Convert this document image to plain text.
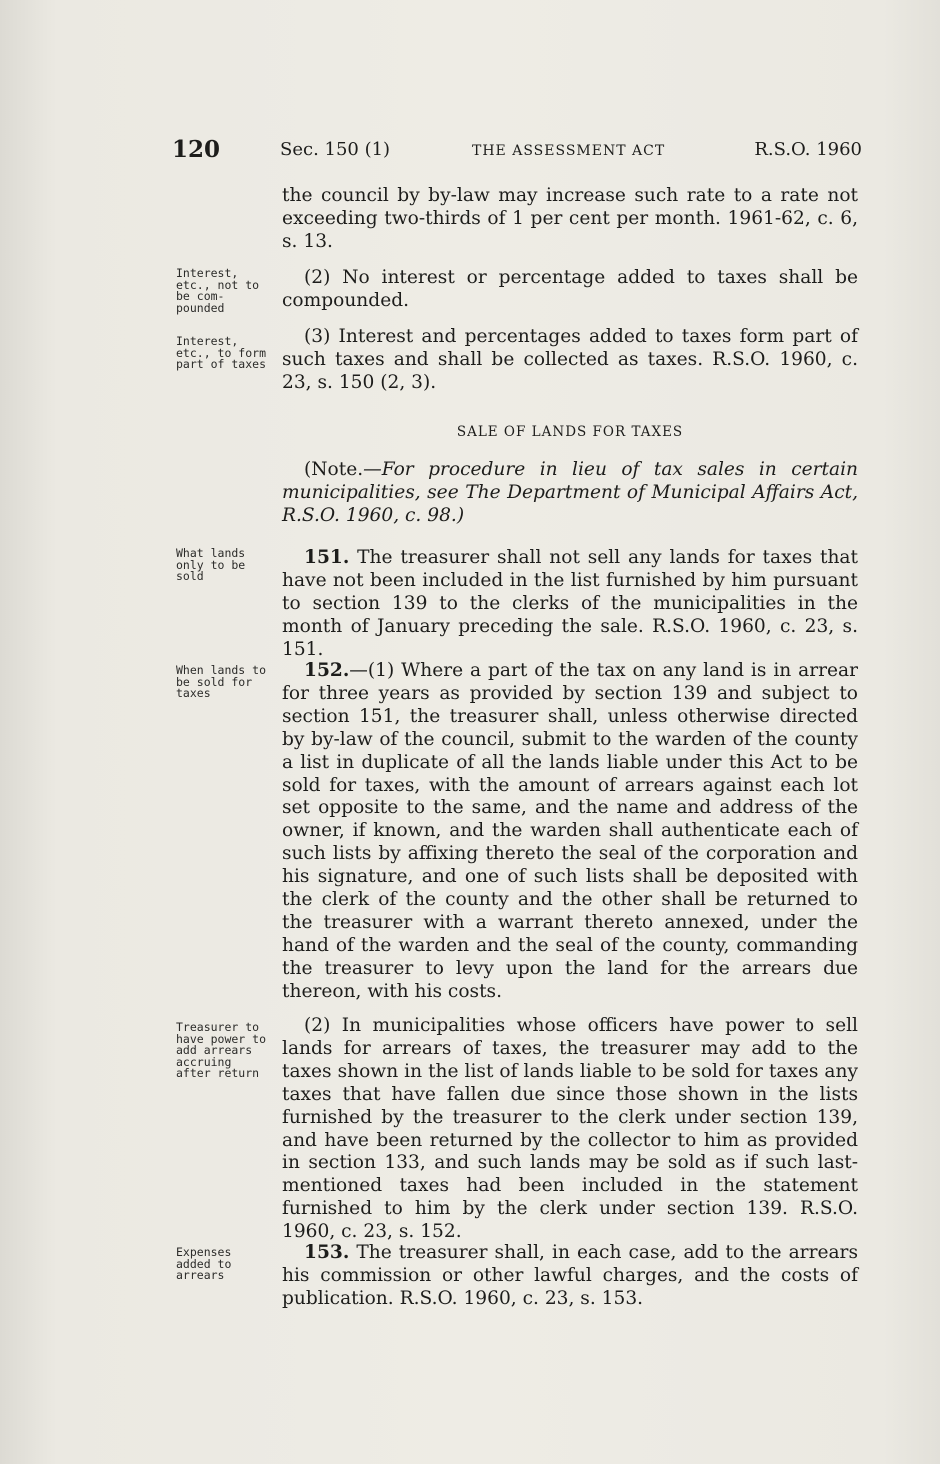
120	Sec. 150 (1)	THE ASSESSMENT ACT	R.S.O. 1960
the council by by-law may increase such rate to a rate not exceeding two-thirds of 1 per cent per month. 1961-62, c. 6, s. 13.
Interest, etc., not to be com- pounded
(2) No interest or percentage added to taxes shall be compounded.
Interest, etc., to form part of taxes
(3) Interest and percentages added to taxes form part of such taxes and shall be collected as taxes. R.S.O. 1960, c. 23, s. 150 (2, 3).
SALE OF LANDS FOR TAXES
(Note.—For procedure in lieu of tax sales in certain municipalities, see The Department of Municipal Affairs Act, R.S.O. 1960, c. 98.)
What lands only to be sold
151. The treasurer shall not sell any lands for taxes that have not been included in the list furnished by him pursuant to section 139 to the clerks of the municipalities in the month of January preceding the sale. R.S.O. 1960, c. 23, s. 151.
When lands to be sold for taxes
152.—(1) Where a part of the tax on any land is in arrear for three years as provided by section 139 and subject to section 151, the treasurer shall, unless otherwise directed by by-law of the council, submit to the warden of the county a list in duplicate of all the lands liable under this Act to be sold for taxes, with the amount of arrears against each lot set opposite to the same, and the name and address of the owner, if known, and the warden shall authenticate each of such lists by affixing thereto the seal of the corporation and his signature, and one of such lists shall be deposited with the clerk of the county and the other shall be returned to the treasurer with a warrant thereto annexed, under the hand of the warden and the seal of the county, commanding the treasurer to levy upon the land for the arrears due thereon, with his costs.
Treasurer to have power to add arrears accruing after return
(2) In municipalities whose officers have power to sell lands for arrears of taxes, the treasurer may add to the taxes shown in the list of lands liable to be sold for taxes any taxes that have fallen due since those shown in the lists furnished by the treasurer to the clerk under section 139, and have been returned by the collector to him as provided in section 133, and such lands may be sold as if such last-mentioned taxes had been included in the statement furnished to him by the clerk under section 139. R.S.O. 1960, c. 23, s. 152.
Expenses added to arrears
153. The treasurer shall, in each case, add to the arrears his commission or other lawful charges, and the costs of publication. R.S.O. 1960, c. 23, s. 153.
